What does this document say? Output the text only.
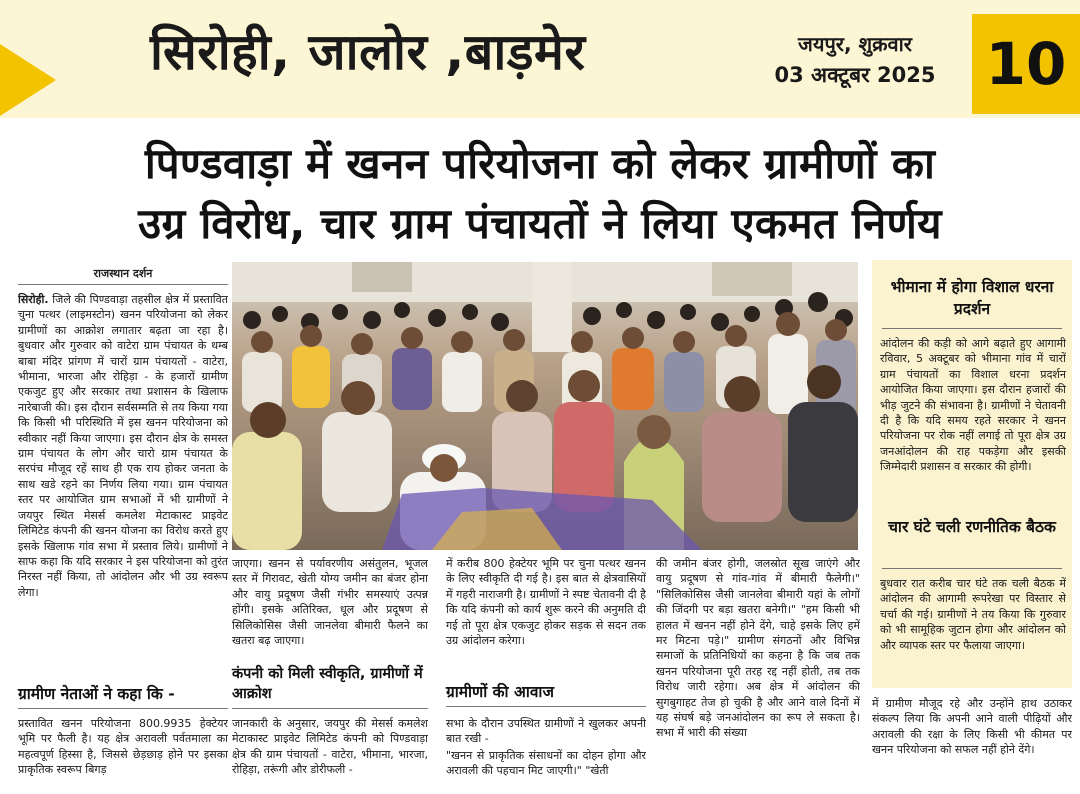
सिरोही, जालोर ,बाड़मेर	जयपुर, शुक्रवार
03 अक्टूबर 2025 10
पिण्डवाड़ा में खनन परियोजना को लेकर ग्रामीणों का
उग्र विरोध, चार ग्राम पंचायतों ने लिया एकमत निर्णय
राजस्थान दर्शन
सिरोही. जिले की पिण्डवाड़ा तहसील क्षेत्र में प्रस्तावित चुना पत्थर (लाइमस्टोन) खनन परियोजना को लेकर ग्रामीणों का आक्रोश लगातार बढ़ता जा रहा है। बुधवार और गुरुवार को वाटेरा ग्राम पंचायत के थम्ब बाबा मंदिर प्रांगण में चारों ग्राम पंचायतों - वाटेरा, भीमाना, भारजा और रोहिड़ा - के हजारों ग्रामीण एकजुट हुए और सरकार तथा प्रशासन के खिलाफ नारेबाजी की। इस दौरान सर्वसम्मति से तय किया गया कि किसी भी परिस्थिति में इस खनन परियोजना को स्वीकार नहीं किया जाएगा। इस दौरान क्षेत्र के समस्त ग्राम पंचायत के लोग और चारो ग्राम पंचायत के सरपंच मौजूद रहें साथ ही एक राय होकर जनता के साथ खडे रहने का निर्णय लिया गया। ग्राम पंचायत स्तर पर आयोजित ग्राम सभाओं में भी ग्रामीणों ने जयपुर स्थित मेसर्स कमलेश मेटाकास्ट प्राइवेट लिमिटेड कंपनी की खनन योजना का विरोध करते हुए इसके खिलाफ गांव सभा में प्रस्ताव लिये। ग्रामीणों ने साफ कहा कि यदि सरकार ने इस परियोजना को तुरंत निरस्त नहीं किया, तो आंदोलन और भी उग्र स्वरूप लेगा।
ग्रामीण नेताओं ने कहा कि -
प्रस्तावित खनन परियोजना 800.9935 हेक्टेयर भूमि पर फैली है। यह क्षेत्र अरावली पर्वतमाला का महत्वपूर्ण हिस्सा है, जिससे छेड़छाड़ होने पर इसका प्राकृतिक स्वरूप बिगड़
जाएगा। खनन से पर्यावरणीय असंतुलन, भूजल स्तर में गिरावट, खेती योग्य जमीन का बंजर होना और वायु प्रदूषण जैसी गंभीर समस्याएं उत्पन्न होंगी। इसके अतिरिक्त, धूल और प्रदूषण से सिलिकोसिस जैसी जानलेवा बीमारी फैलने का खतरा बढ़ जाएगा।
कंपनी को मिली स्वीकृति, ग्रामीणों में आक्रोश
जानकारी के अनुसार, जयपुर की मेसर्स कमलेश मेटाकास्ट प्राइवेट लिमिटेड कंपनी को पिण्डवाड़ा क्षेत्र की ग्राम पंचायतों - वाटेरा, भीमाना, भारजा, रोहिड़ा, तरूंगी और डोरीफली -
में करीब 800 हेक्टेयर भूमि पर चुना पत्थर खनन के लिए स्वीकृति दी गई है। इस बात से क्षेत्रवासियों में गहरी नाराजगी है। ग्रामीणों ने स्पष्ट चेतावनी दी है कि यदि कंपनी को कार्य शुरू करने की अनुमति दी गई तो पूरा क्षेत्र एकजुट होकर सड़क से सदन तक उग्र आंदोलन करेगा।
ग्रामीणों की आवाज
सभा के दौरान उपस्थित ग्रामीणों ने खुलकर अपनी बात रखी -
"खनन से प्राकृतिक संसाधनों का दोहन होगा और अरावली की पहचान मिट जाएगी।" "खेती
की जमीन बंजर होगी, जलस्रोत सूख जाएंगे और वायु प्रदूषण से गांव-गांव में बीमारी फैलेगी।" "सिलिकोसिस जैसी जानलेवा बीमारी यहां के लोगों की जिंदगी पर बड़ा खतरा बनेगी।" "हम किसी भी हालत में खनन नहीं होने देंगे, चाहे इसके लिए हमें मर मिटना पड़े।" ग्रामीण संगठनों और विभिन्न समाजों के प्रतिनिधियों का कहना है कि जब तक खनन परियोजना पूरी तरह रद्द नहीं होती, तब तक विरोध जारी रहेगा। अब क्षेत्र में आंदोलन की सुगबुगाहट तेज हो चुकी है और आने वाले दिनों में यह संघर्ष बड़े जनआंदोलन का रूप ले सकता है। सभा में भारी की संख्या
भीमाना में होगा विशाल धरना प्रदर्शन
आंदोलन की कड़ी को आगे बढ़ाते हुए आगामी रविवार, 5 अक्टूबर को भीमाना गांव में चारों ग्राम पंचायतों का विशाल धरना प्रदर्शन आयोजित किया जाएगा। इस दौरान हजारों की भीड़ जुटने की संभावना है। ग्रामीणों ने चेतावनी दी है कि यदि समय रहते सरकार ने खनन परियोजना पर रोक नहीं लगाई तो पूरा क्षेत्र उग्र जनआंदोलन की राह पकड़ेगा और इसकी जिम्मेदारी प्रशासन व सरकार की होगी।
चार घंटे चली रणनीतिक बैठक
बुधवार रात करीब चार घंटे तक चली बैठक में आंदोलन की आगामी रूपरेखा पर विस्तार से चर्चा की गई। ग्रामीणों ने तय किया कि गुरुवार को भी सामूहिक जुटान होगा और आंदोलन को और व्यापक स्तर पर फैलाया जाएगा।
में ग्रामीण मौजूद रहे और उन्होंने हाथ उठाकर संकल्प लिया कि अपनी आने वाली पीढ़ियों और अरावली की रक्षा के लिए किसी भी कीमत पर खनन परियोजना को सफल नहीं होने देंगे।
